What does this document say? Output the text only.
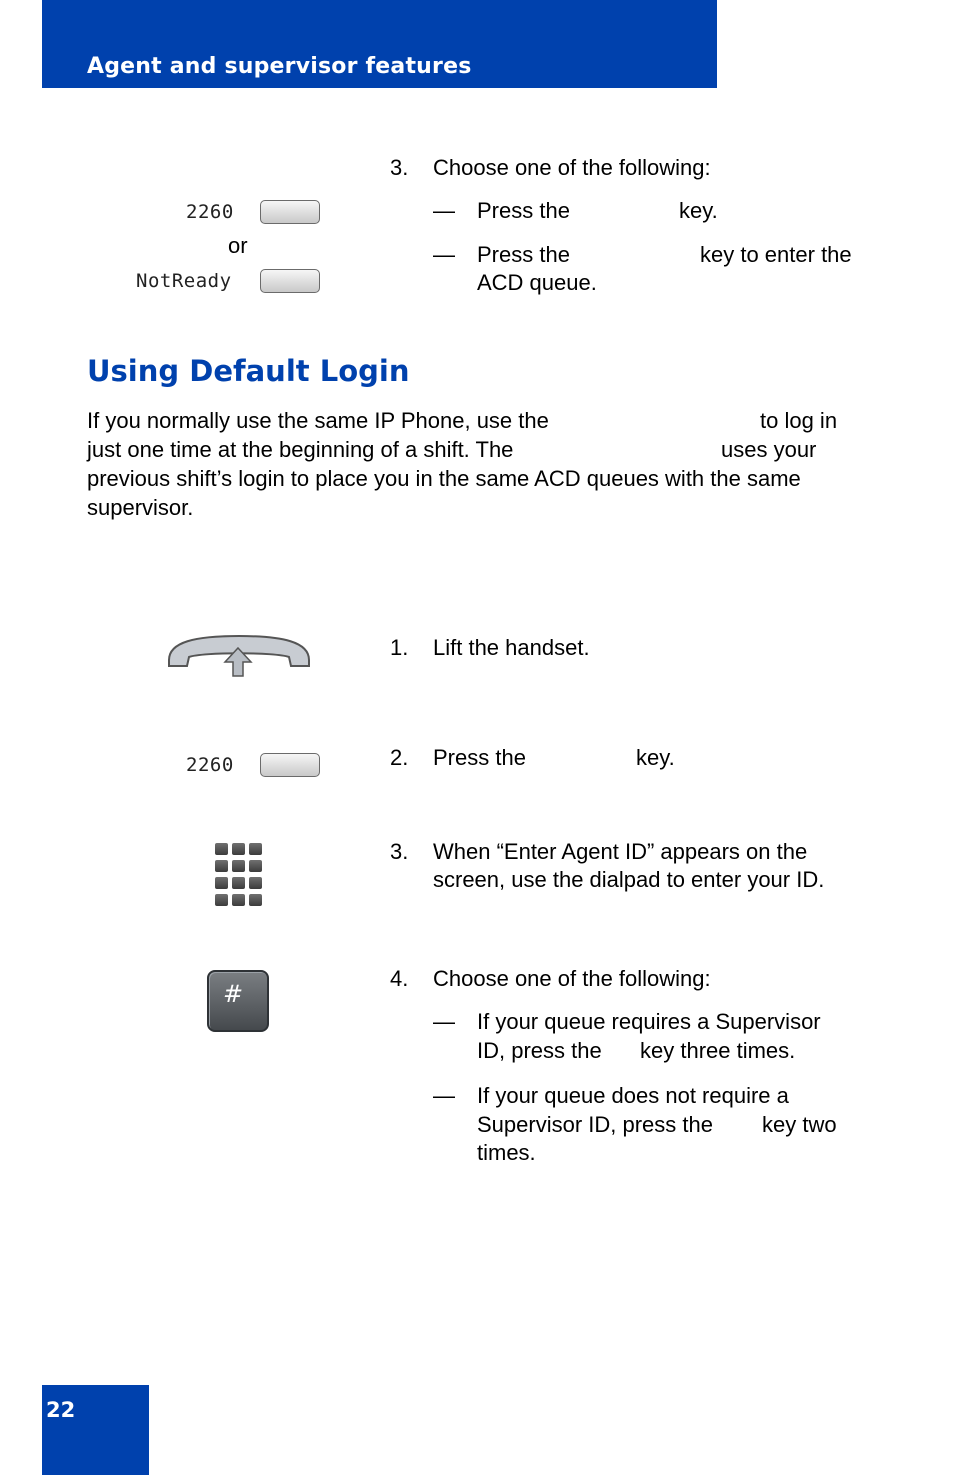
Agent and supervisor features
2260
or
NotReady
3. Choose one of the following:
— Press the	key.
— Press the	key to enter the
ACD queue.
Using Default Login
If you normally use the same IP Phone, use the	to log in
just one time at the beginning of a shift. The	uses your
previous shift’s login to place you in the same ACD queues with the same
supervisor.
1. Lift the handset.
2260	2. Press the	key.
3. When “Enter Agent ID” appears on the
screen, use the dialpad to enter your ID.
#
4. Choose one of the following:
— If your queue requires a Supervisor
ID, press the key three times.
— If your queue does not require a
Supervisor ID, press the key two
times.
22
